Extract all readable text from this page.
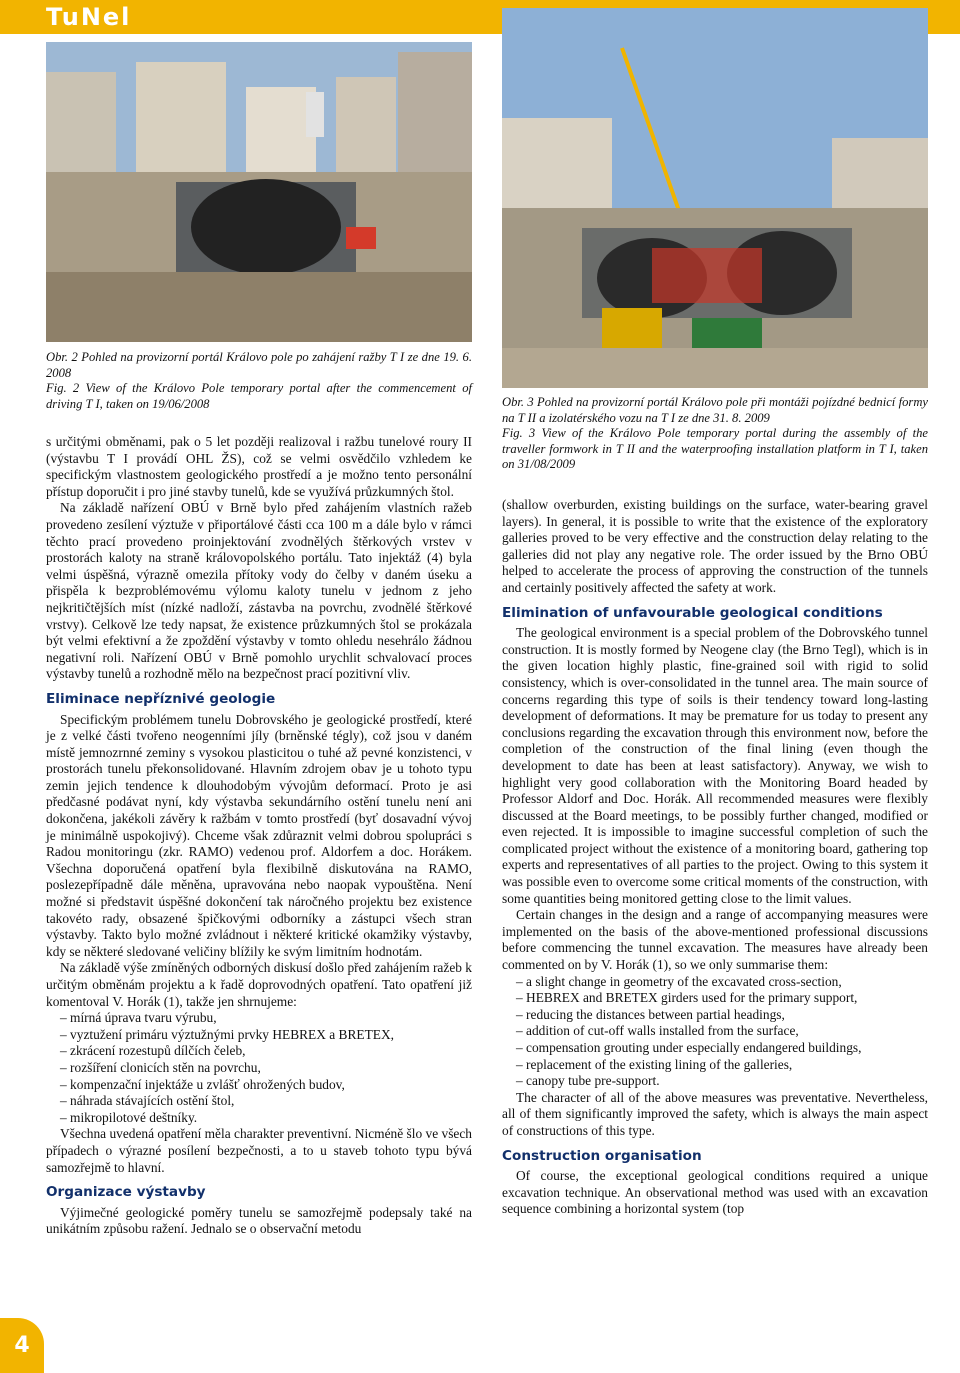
TuNel
Obr. 2 Pohled na provizorní portál Královo pole po zahájení ražby T I ze dne 19. 6. 2008
Fig. 2 View of the Královo Pole temporary portal after the commencement of driving T I, taken on 19/06/2008	Obr. 3 Pohled na provizorní portál Královo pole při montáži pojízdné bednicí formy na T II a izolatérského vozu na T I ze dne 31. 8. 2009
Fig. 3 View of the Královo Pole temporary portal during the assembly of the traveller formwork in T II and the waterproofing installation platform in T I, taken on 31/08/2009

s určitými obměnami, pak o 5 let později realizoval i ražbu tunelové roury II (výstavbu T I provádí OHL ŽS), což se velmi osvědčilo vzhledem ke specifickým vlastnostem geologického prostředí a je možno tento personální přístup doporučit i pro jiné stavby tunelů, kde se využívá průzkumných štol.

Na základě nařízení OBÚ v Brně bylo před zahájením vlastních ražeb provedeno zesílení výztuže v připortálové části cca 100 m a dále bylo v rámci těchto prací provedeno proinjektování zvodnělých štěrkových vrstev v prostorách kaloty na straně královopolského portálu. Tato injektáž (4) byla velmi úspěšná, výrazně omezila přítoky vody do čelby v daném úseku a přispěla k bezproblémovému výlomu kaloty tunelu v jednom z jeho nejkritičtějších míst (nízké nadloží, zástavba na povrchu, zvodnělé štěrkové vrstvy). Celkově lze tedy napsat, že existence průzkumných štol se prokázala být velmi efektivní a že zpoždění výstavby v tomto ohledu nesehrálo žádnou negativní roli. Nařízení OBÚ v Brně pomohlo urychlit schvalovací proces výstavby tunelů a rozhodně mělo na bezpečnost prací pozitivní vliv.

Eliminace nepříznivé geologie

Specifickým problémem tunelu Dobrovského je geologické prostředí, které je z velké části tvořeno neogenními jíly (brněnské tégly), což jsou v daném místě jemnozrnné zeminy s vysokou plasticitou o tuhé až pevné konzistenci, v prostorách tunelu překonsolidované. Hlavním zdrojem obav je u tohoto typu zemin jejich tendence k dlouhodobým vývojům deformací. Proto je asi předčasné podávat nyní, kdy výstavba sekundárního ostění tunelu není ani dokončena, jakékoli závěry k ražbám v tomto prostředí (byť dosavadní vývoj je minimálně uspokojivý). Chceme však zdůraznit velmi dobrou spolupráci s Radou monitoringu (zkr. RAMO) vedenou prof. Aldorfem a doc. Horákem. Všechna doporučená opatření byla flexibilně diskutována na RAMO, poslezepřípadně dále měněna, upravována nebo naopak vypouštěna. Není možné si představit úspěšné dokončení tak náročného projektu bez existence takovéto rady, obsazené špičkovými odborníky a zástupci všech stran výstavby. Takto bylo možné zvládnout i některé kritické okamžiky výstavby, kdy se některé sledované veličiny blížily ke svým limitním hodnotám.

Na základě výše zmíněných odborných diskusí došlo před zahájením ražeb k určitým obměnám projektu a k řadě doprovodných opatření. Tato opatření již komentoval V. Horák (1), takže jen shrnujeme:

– mírná úprava tvaru výrubu,
– vyztužení primáru výztužnými prvky HEBREX a BRETEX,
– zkrácení rozestupů dílčích čeleb,
– rozšíření clonicích stěn na povrchu,
– kompenzační injektáže u zvlášť ohrožených budov,
– náhrada stávajících ostění štol,
– mikropilotové deštníky.

Všechna uvedená opatření měla charakter preventivní. Nicméně šlo ve všech případech o výrazné posílení bezpečnosti, a to u staveb tohoto typu bývá samozřejmě to hlavní.

Organizace výstavby

Výjimečné geologické poměry tunelu se samozřejmě podepsaly také na unikátním způsobu ražení. Jednalo se o observační metodu

(shallow overburden, existing buildings on the surface, water-bearing gravel layers). In general, it is possible to write that the existence of the exploratory galleries proved to be very effective and the construction delay relating to the galleries did not play any negative role. The order issued by the Brno OBÚ helped to accelerate the process of approving the construction of the tunnels and certainly positively affected the safety at work.

Elimination of unfavourable geological conditions

The geological environment is a special problem of the Dobrovského tunnel construction. It is mostly formed by Neogene clay (the Brno Tegl), which is in the given location highly plastic, fine-grained soil with rigid to solid consistency, which is over-consolidated in the tunnel area. The main source of concerns regarding this type of soils is their tendency toward long-lasting development of deformations. It may be premature for us today to present any conclusions regarding the excavation through this environment now, before the completion of the construction of the final lining (even though the development to date has been at least satisfactory). Anyway, we wish to highlight very good collaboration with the Monitoring Board headed by Professor Aldorf and Doc. Horák. All recommended measures were flexibly discussed at the Board meetings, to be possibly further changed, modified or even rejected. It is impossible to imagine successful completion of such the complicated project without the existence of a monitoring board, gathering top experts and representatives of all parties to the project. Owing to this system it was possible even to overcome some critical moments of the construction, with some quantities being monitored getting close to the limit values.

Certain changes in the design and a range of accompanying measures were implemented on the basis of the above-mentioned professional discussions before commencing the tunnel excavation. The measures have already been commented on by V. Horák (1), so we only summarise them:

– a slight change in geometry of the excavated cross-section,
– HEBREX and BRETEX girders used for the primary support,
– reducing the distances between partial headings,
– addition of cut-off walls installed from the surface,
– compensation grouting under especially endangered buildings,
– replacement of the existing lining of the galleries,
– canopy tube pre-support.

The character of all of the above measures was preventative. Nevertheless, all of them significantly improved the safety, which is always the main aspect of constructions of this type.

Construction organisation

Of course, the exceptional geological conditions required a unique excavation technique. An observational method was used with an excavation sequence combining a horizontal system (top

4
